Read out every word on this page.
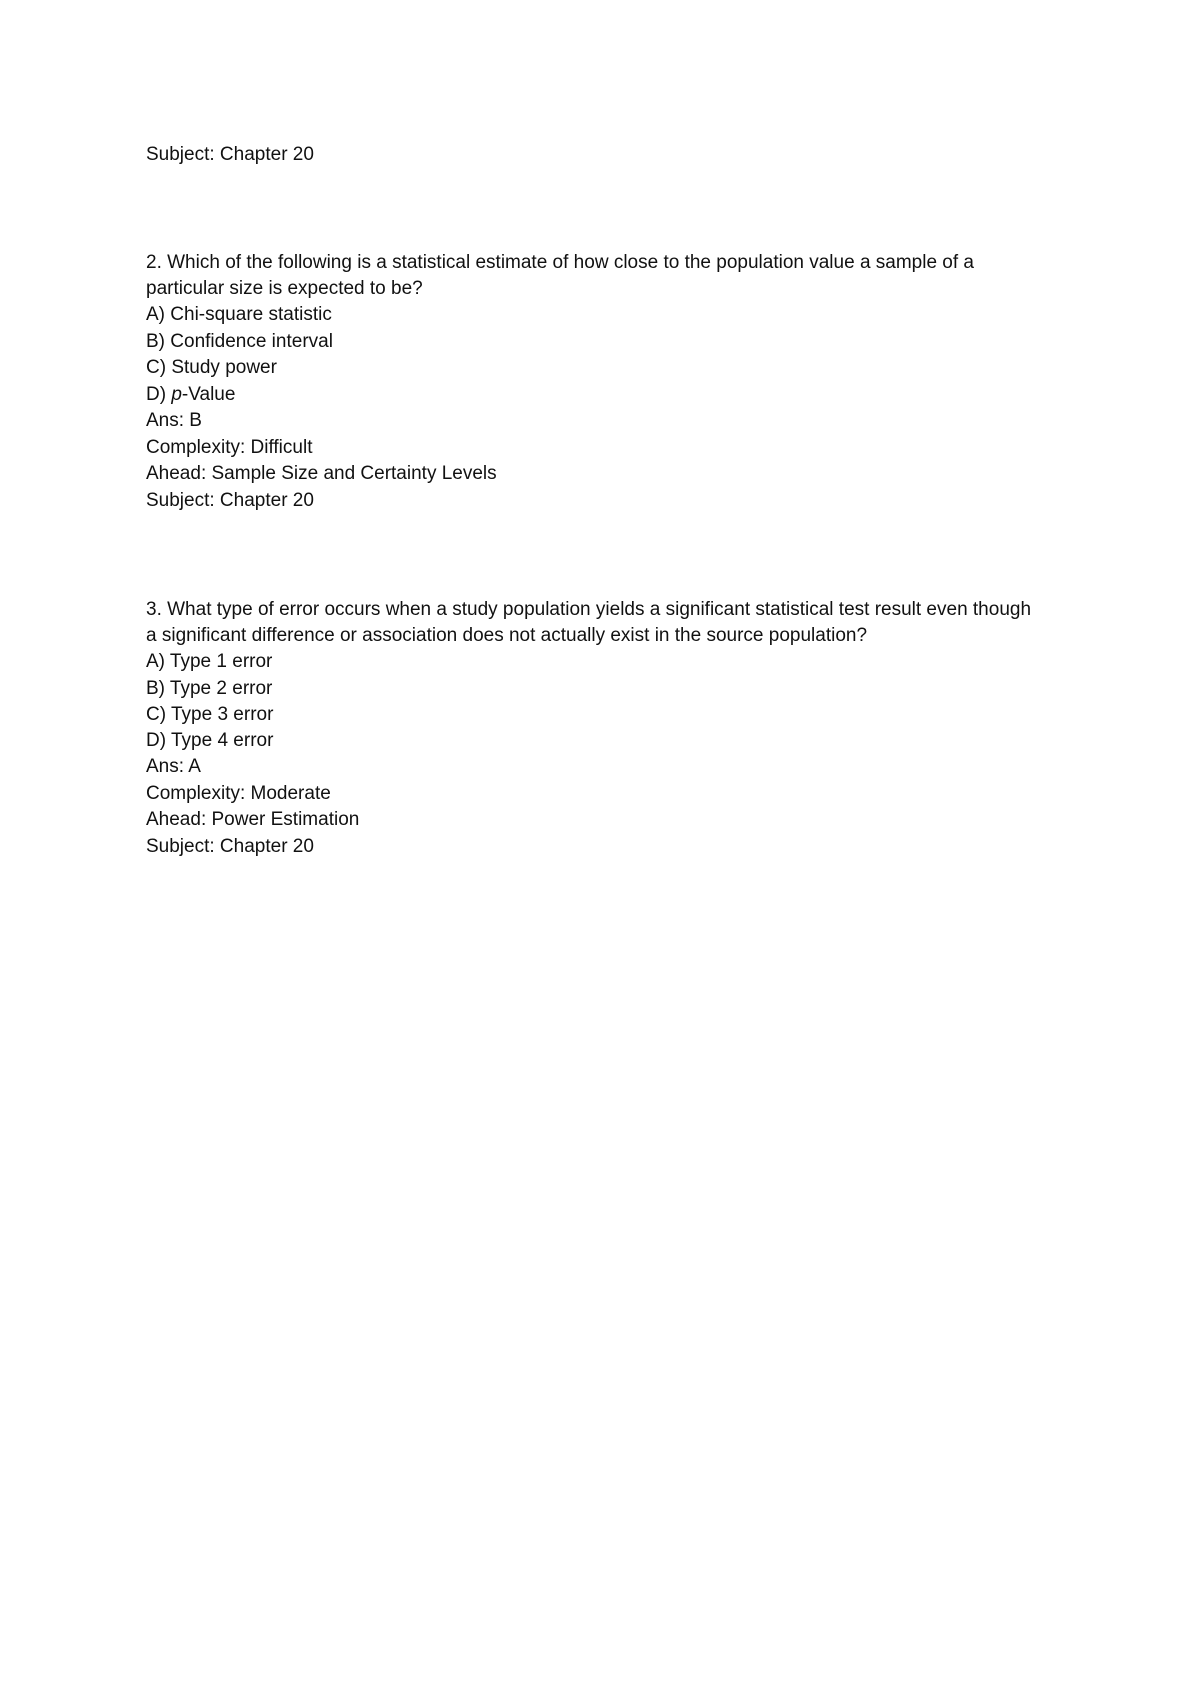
Subject: Chapter 20
2. Which of the following is a statistical estimate of how close to the population value a sample of a
particular size is expected to be?
A) Chi-square statistic
B) Confidence interval
C) Study power
D) p-Value
Ans: B
Complexity: Difficult
Ahead: Sample Size and Certainty Levels
Subject: Chapter 20
3. What type of error occurs when a study population yields a significant statistical test result even though
a significant difference or association does not actually exist in the source population?
A) Type 1 error
B) Type 2 error
C) Type 3 error
D) Type 4 error
Ans: A
Complexity: Moderate
Ahead: Power Estimation
Subject: Chapter 20
